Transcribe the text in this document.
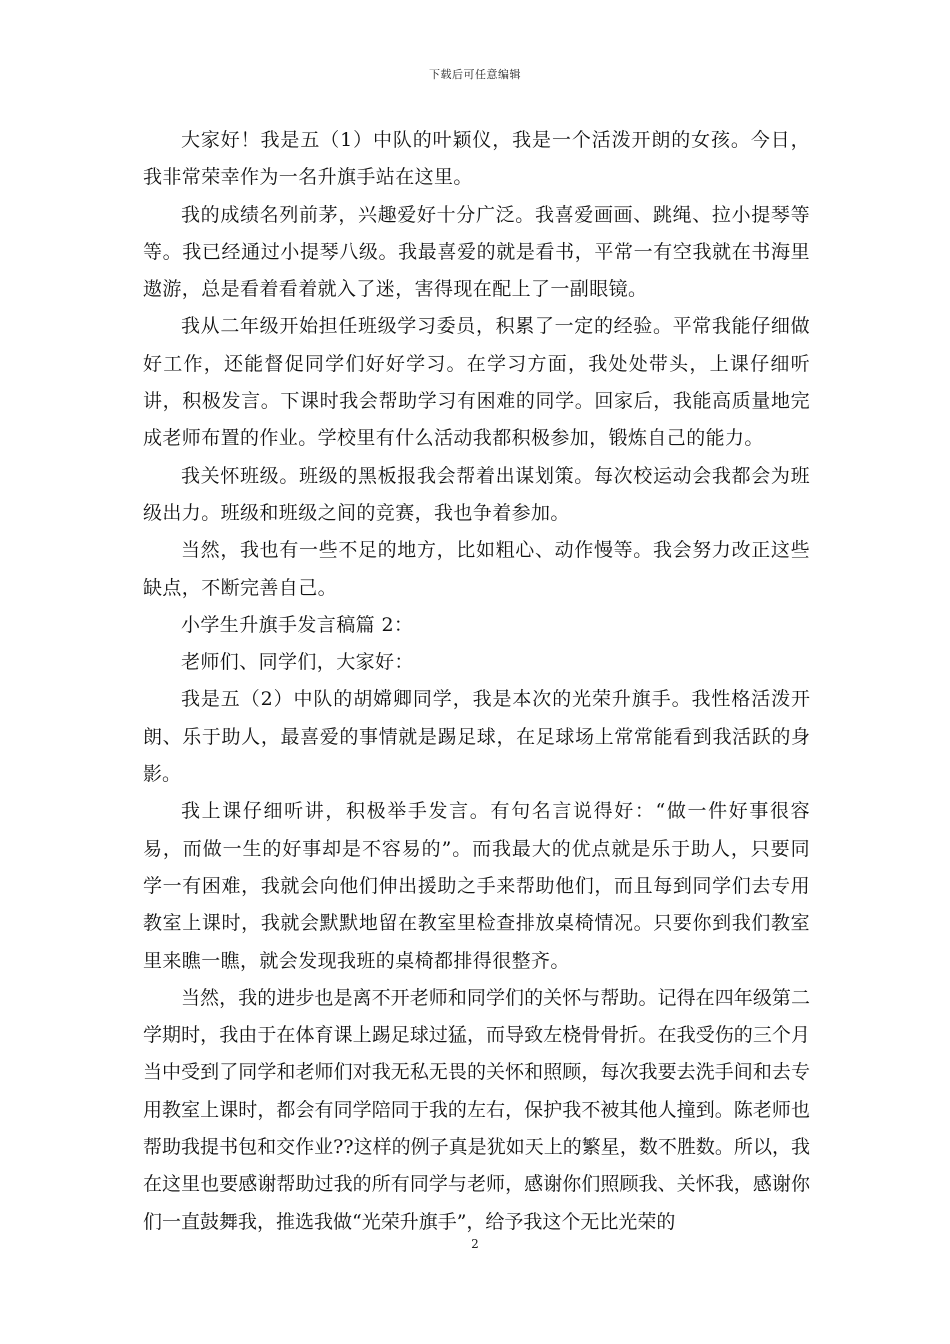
下载后可任意编辑

大家好！我是五（1）中队的叶颖仪，我是一个活泼开朗的女孩。今日，我非常荣幸作为一名升旗手站在这里。

我的成绩名列前茅，兴趣爱好十分广泛。我喜爱画画、跳绳、拉小提琴等等。我已经通过小提琴八级。我最喜爱的就是看书，平常一有空我就在书海里遨游，总是看着看着就入了迷，害得现在配上了一副眼镜。

我从二年级开始担任班级学习委员，积累了一定的经验。平常我能仔细做好工作，还能督促同学们好好学习。在学习方面，我处处带头，上课仔细听讲，积极发言。下课时我会帮助学习有困难的同学。回家后，我能高质量地完成老师布置的作业。学校里有什么活动我都积极参加，锻炼自己的能力。

我关怀班级。班级的黑板报我会帮着出谋划策。每次校运动会我都会为班级出力。班级和班级之间的竞赛，我也争着参加。

当然，我也有一些不足的地方，比如粗心、动作慢等。我会努力改正这些缺点，不断完善自己。

小学生升旗手发言稿篇 2：

老师们、同学们，大家好：

我是五（2）中队的胡嫦卿同学，我是本次的光荣升旗手。我性格活泼开朗、乐于助人，最喜爱的事情就是踢足球，在足球场上常常能看到我活跃的身影。

我上课仔细听讲，积极举手发言。有句名言说得好：“做一件好事很容易，而做一生的好事却是不容易的”。而我最大的优点就是乐于助人，只要同学一有困难，我就会向他们伸出援助之手来帮助他们，而且每到同学们去专用教室上课时，我就会默默地留在教室里检查排放桌椅情况。只要你到我们教室里来瞧一瞧，就会发现我班的桌椅都排得很整齐。

当然，我的进步也是离不开老师和同学们的关怀与帮助。记得在四年级第二学期时，我由于在体育课上踢足球过猛，而导致左桡骨骨折。在我受伤的三个月当中受到了同学和老师们对我无私无畏的关怀和照顾，每次我要去洗手间和去专用教室上课时，都会有同学陪同于我的左右，保护我不被其他人撞到。陈老师也帮助我提书包和交作业??这样的例子真是犹如天上的繁星，数不胜数。所以，我在这里也要感谢帮助过我的所有同学与老师，感谢你们照顾我、关怀我，感谢你们一直鼓舞我，推选我做“光荣升旗手”，给予我这个无比光荣的

2
